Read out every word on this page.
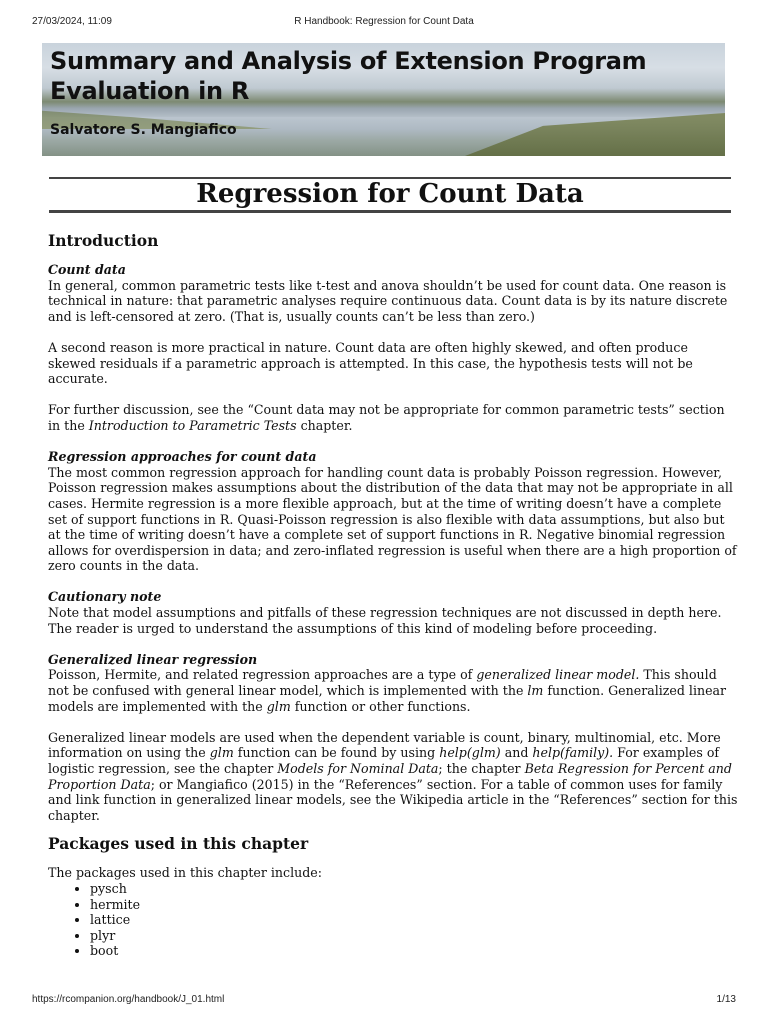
27/03/2024, 11:09	R Handbook: Regression for Count Data
Summary and Analysis of Extension Program Evaluation in R
Salvatore S. Mangiafico
Regression for Count Data
Introduction

Count data

In general, common parametric tests like t-test and anova shouldn’t be used for count data. One reason is technical in nature: that parametric analyses require continuous data. Count data is by its nature discrete and is left-censored at zero. (That is, usually counts can’t be less than zero.)

A second reason is more practical in nature. Count data are often highly skewed, and often produce skewed residuals if a parametric approach is attempted. In this case, the hypothesis tests will not be accurate.

For further discussion, see the “Count data may not be appropriate for common parametric tests” section in the Introduction to Parametric Tests chapter.

Regression approaches for count data

The most common regression approach for handling count data is probably Poisson regression. However, Poisson regression makes assumptions about the distribution of the data that may not be appropriate in all cases. Hermite regression is a more flexible approach, but at the time of writing doesn’t have a complete set of support functions in R. Quasi-Poisson regression is also flexible with data assumptions, but also but at the time of writing doesn’t have a complete set of support functions in R. Negative binomial regression allows for overdispersion in data; and zero-inflated regression is useful when there are a high proportion of zero counts in the data.

Cautionary note

Note that model assumptions and pitfalls of these regression techniques are not discussed in depth here. The reader is urged to understand the assumptions of this kind of modeling before proceeding.

Generalized linear regression

Poisson, Hermite, and related regression approaches are a type of generalized linear model. This should not be confused with general linear model, which is implemented with the lm function. Generalized linear models are implemented with the glm function or other functions.

Generalized linear models are used when the dependent variable is count, binary, multinomial, etc. More information on using the glm function can be found by using help(glm) and help(family). For examples of logistic regression, see the chapter Models for Nominal Data; the chapter Beta Regression for Percent and Proportion Data; or Mangiafico (2015) in the “References” section. For a table of common uses for family and link function in generalized linear models, see the Wikipedia article in the “References” section for this chapter.

Packages used in this chapter

The packages used in this chapter include:

• pysch
• hermite
• lattice
• plyr
• boot
https://rcompanion.org/handbook/J_01.html	1/13
